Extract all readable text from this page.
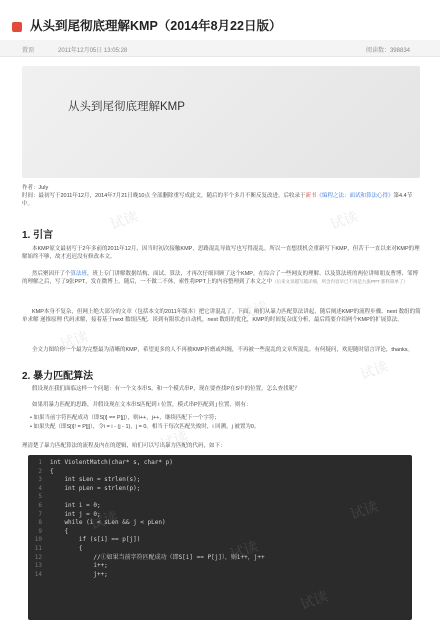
从头到尾彻底理解KMP（2014年8月22日版）
置顶	2011年12月05日 13:05:28	阅读数：398834
从头到尾彻底理解KMP

作者：July

时间：最初写于2011年12月，2014年7月21日晚10点 全部删除重写成此文，随后的半个多月不断反复改进。后收录于新书《编程之法：面试和算法心得》第4.4节中。

1. 引言
本KMP原文最初写于2年多前的2011年12月，因当时初次接触KMP，思路混乱导致写也写得混乱。所以一直想找机会重新写下KMP，但苦于一直以来对KMP的理解始终不够，故才迟迟没有修改本文。
然后聚因开了个算法班，班上专门讲解数据结构、面试、算法，才再次仔细回顾了这个KMP，在综合了一些网友的理解、以及算法班的两位讲师朋友曹博、邹博的理解之后，写了9张PPT，发在微博上。随后，一不做二不休，索性将PPT上的内容整理到了本文之中（后来文章越写越详细，所含内容早已不再是九张PPT 那样简单了）
KMP本身不复杂，但网上绝大部分的文章（包括本文的2011年版本）把它讲混乱了。下面，咱们从暴力匹配算法讲起，随后阐述KMP的流程步骤、next 数组的简单求解 递推原理 代码求解，接着基于next 数组匹配，谈到有限状态自动机，next 数组的优化，KMP的时间复杂度分析，最后简要介绍两个KMP的扩展算法。
全文力图给你一个最为完整最为清晰的KMP，希望更多的人不再被KMP折磨或纠缠，不再被一些混乱的文章所混乱。有何疑问，欢迎随时留言评论，thanks。
2. 暴力匹配算法
假设现在我们面临这样一个问题：有一个文本串S，和一个模式串P，现在要查找P在S中的位置，怎么查找呢？
如果用暴力匹配的思路，并假设现在文本串S匹配到 i 位置，模式串P匹配到 j 位置，则有：
• 如果当前字符匹配成功（即S[i] == P[j]），则i++，j++，继续匹配下一个字符；
• 如果失配（即S[i]! = P[j]），令i = i - (j - 1)，j = 0。相当于每次匹配失败时，i 回溯，j 被置为0。
理清楚了暴力匹配算法的流程及内在的逻辑，咱们可以写出暴力匹配的代码，如下：
1 int ViolentMatch(char* s, char* p)
2 {
3    int sLen = strlen(s);
4    int pLen = strlen(p);
5
6    int i = 0;
7    int j = 0;
8    while (i < sLen && j < pLen)
9    {
10        if (s[i] == p[j])
11        {
12            //①如果当前字符匹配成功（即S[i] == P[j]），则i++，j++
13            i++;
14            j++;
试读	试读
试读
试读
试读
试读
试读
试读
试读
试读
